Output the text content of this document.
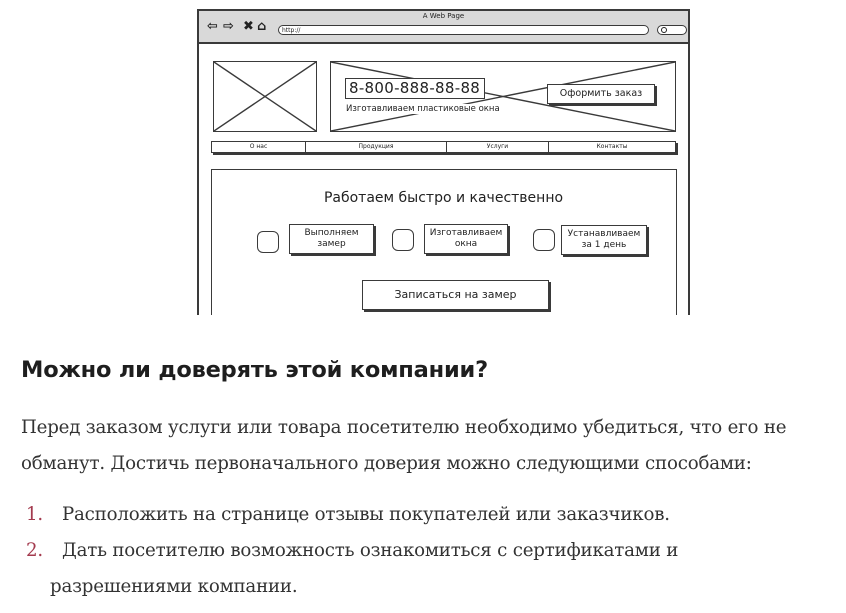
A Web Page
⇦ ⇨ ✖ ⌂	http://
8-800-888-88-88
Изготавливаем пластиковые окна
Оформить заказ
О нас	Продукция	Услуги	Контакты
Работаем быстро и качественно
Выполняем замер
Изготавливаем окна
Устанавливаем за 1 день
Записаться на замер
Можно ли доверять этой компании?

Перед заказом услуги или товара посетителю необходимо убедиться, что его не обманут. Достичь первоначального доверия можно следующими способами:

1.	Расположить на странице отзывы покупателей или заказчиков.
2.	Дать посетителю возможность ознакомиться с сертификатами и
разрешениями компании.
